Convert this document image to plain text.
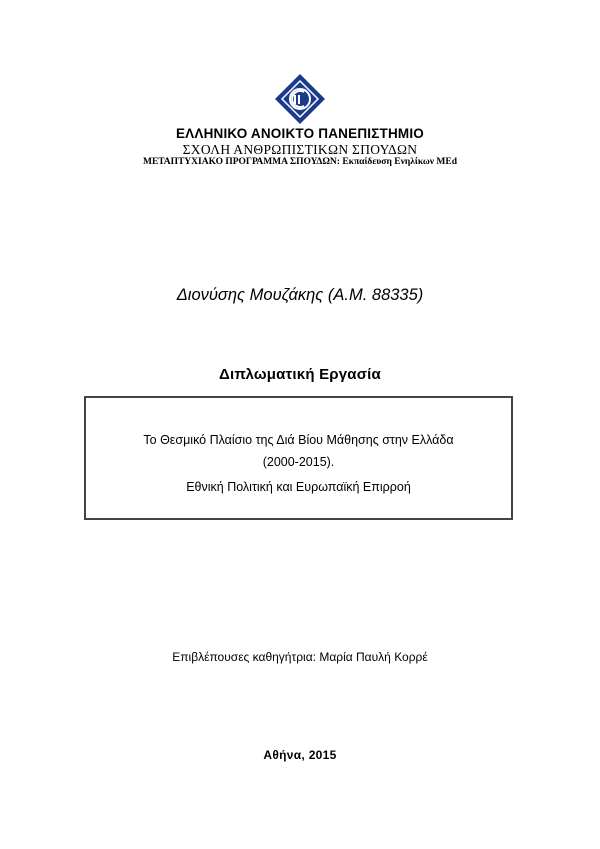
ΕΛΛΗΝΙΚΟ ΑΝΟΙΚΤΟ ΠΑΝΕΠΙΣΤΗΜΙΟ
ΣΧΟΛΗ ΑΝΘΡΩΠΙΣΤΙΚΩΝ ΣΠΟΥΔΩΝ
ΜΕΤΑΠΤΥΧΙΑΚΟ ΠΡΟΓΡΑΜΜΑ ΣΠΟΥΔΩΝ: Εκπαίδευση Ενηλίκων ΜΕd
Διονύσης Μουζάκης (Α.Μ. 88335)
Διπλωματική Εργασία
Το Θεσμικό Πλαίσιο της Διά Βίου Μάθησης στην Ελλάδα
(2000-2015).
Εθνική Πολιτική και Ευρωπαϊκή Επιρροή
Επιβλέπουσες καθηγήτρια: Μαρία Παυλή Κορρέ
Αθήνα, 2015
